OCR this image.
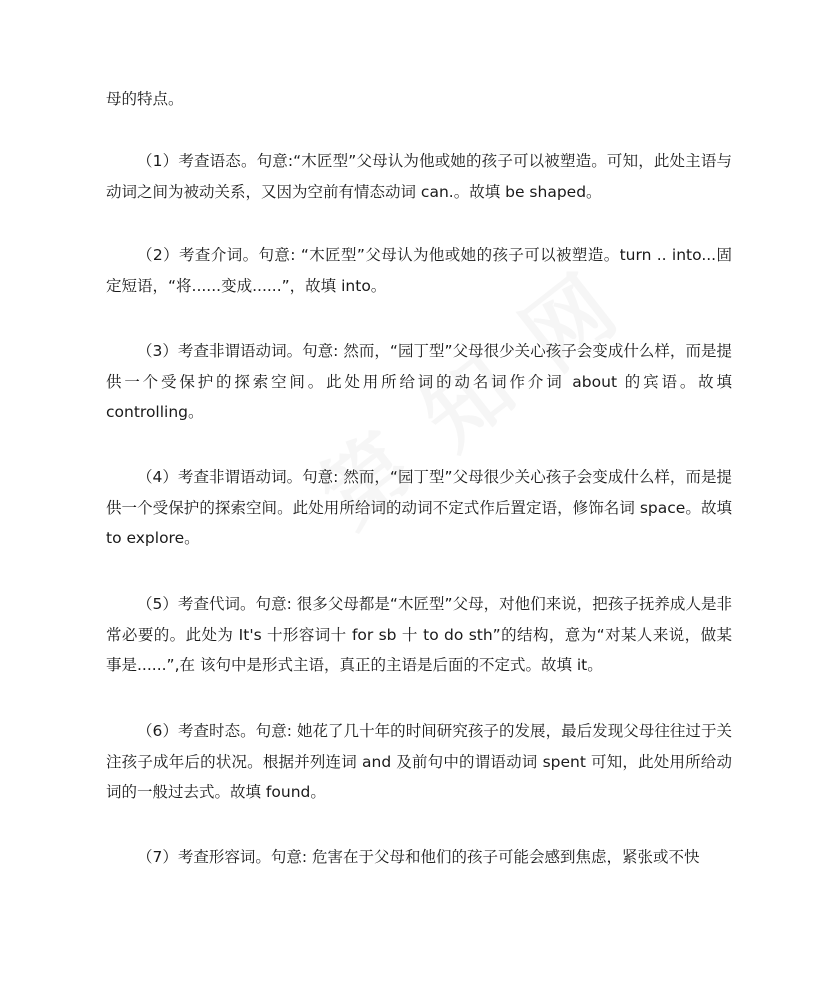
母的特点。

（1）考查语态。句意:“木匠型”父母认为他或她的孩子可以被塑造。可知，此处主语与动词之间为被动关系，又因为空前有情态动词 can.。故填 be shaped。

（2）考查介词。句意: “木匠型”父母认为他或她的孩子可以被塑造。turn .. into...固定短语，“将......变成......”，故填 into。

（3）考查非谓语动词。句意: 然而，“园丁型”父母很少关心孩子会变成什么样，而是提供一个受保护的探索空间。此处用所给词的动名词作介词 about 的宾语。故填 controlling。

（4）考查非谓语动词。句意: 然而，“园丁型”父母很少关心孩子会变成什么样，而是提供一个受保护的探索空间。此处用所给词的动词不定式作后置定语，修饰名词 space。故填 to explore。

（5）考查代词。句意: 很多父母都是“木匠型”父母，对他们来说，把孩子抚养成人是非常必要的。此处为 It's 十形容词十 for sb 十 to do sth”的结构，意为“对某人来说，做某事是......”,在 该句中是形式主语，真正的主语是后面的不定式。故填 it。

（6）考查时态。句意: 她花了几十年的时间研究孩子的发展，最后发现父母往往过于关注孩子成年后的状况。根据并列连词 and 及前句中的谓语动词 spent 可知，此处用所给动词的一般过去式。故填 found。

（7）考查形容词。句意: 危害在于父母和他们的孩子可能会感到焦虑，紧张或不快
